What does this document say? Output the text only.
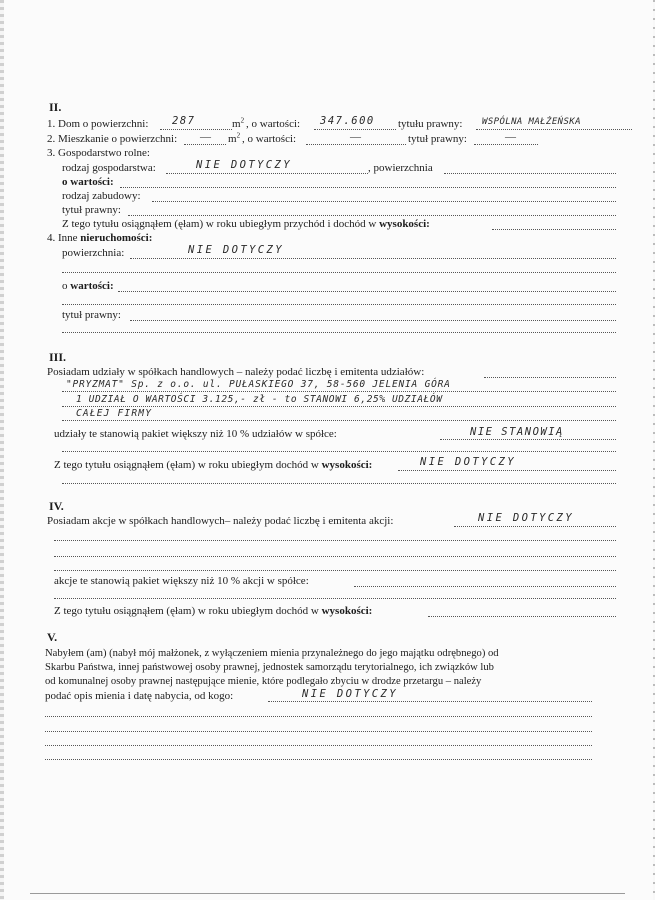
II.
1. Dom o powierzchni: 287	$m^2$ , o wartości: 347.600 tytułu prawny: WSPÓLNA MAŁŻEŃSKA
2. Mieszkanie o powierzchni: — $m^2$ , o wartości:	—	tytuł prawny:	—
3. Gospodarstwo rolne:
rodzaj gospodarstwa:	NIE DOTYCZY	, powierzchnia
o wartości:
rodzaj zabudowy:
tytuł prawny:
Z tego tytułu osiągnąłem (ęłam) w roku ubiegłym przychód i dochód w wysokości:
4. Inne nieruchomości:
powierzchnia:	NIE DOTYCZY
o wartości:
tytuł prawny:
III.
Posiadam udziały w spółkach handlowych – należy podać liczbę i emitenta udziałów:
"PRYZMAT" Sp. z o.o. ul. PUŁASKIEGO 37, 58-560 JELENIA GÓRA
1 UDZIAŁ O WARTOŚCI 3.125,- zł - to STANOWI 6,25% UDZIAŁÓW
CAŁEJ FIRMY
udziały te stanowią pakiet większy niż 10 % udziałów w spółce:	NIE STANOWIĄ
Z tego tytułu osiągnąłem (ęłam) w roku ubiegłym dochód w wysokości:	NIE DOTYCZY
IV.
Posiadam akcje w spółkach handlowych– należy podać liczbę i emitenta akcji:	NIE DOTYCZY
akcje te stanowią pakiet większy niż 10 % akcji w spółce:
Z tego tytułu osiągnąłem (ęłam) w roku ubiegłym dochód w wysokości:
V.
Nabyłem (am) (nabył mój małżonek, z wyłączeniem mienia przynależnego do jego majątku odrębnego) od
Skarbu Państwa, innej państwowej osoby prawnej, jednostek samorządu terytorialnego, ich związków lub
od komunalnej osoby prawnej następujące mienie, które podlegało zbyciu w drodze przetargu – należy
podać opis mienia i datę nabycia, od kogo:	NIE DOTYCZY
